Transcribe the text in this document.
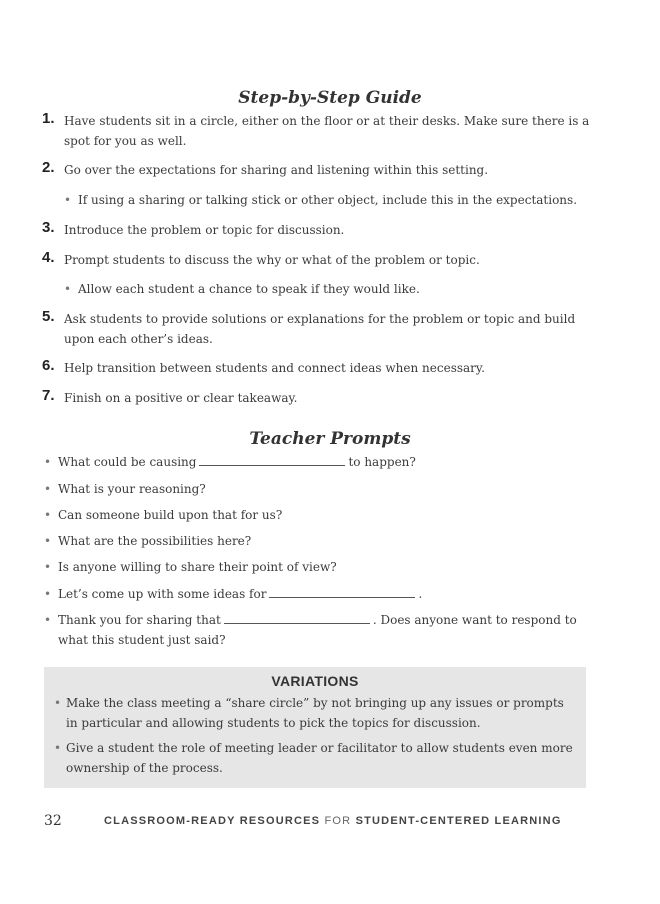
Step-by-Step Guide
1. Have students sit in a circle, either on the floor or at their desks. Make sure there is a spot for you as well.
2. Go over the expectations for sharing and listening within this setting.
• If using a sharing or talking stick or other object, include this in the expectations.
3. Introduce the problem or topic for discussion.
4. Prompt students to discuss the why or what of the problem or topic.
• Allow each student a chance to speak if they would like.
5. Ask students to provide solutions or explanations for the problem or topic and build upon each other’s ideas.
6. Help transition between students and connect ideas when necessary.
7. Finish on a positive or clear takeaway.
Teacher Prompts
• What could be causing	to happen?
• What is your reasoning?
• Can someone build upon that for us?
• What are the possibilities here?
• Is anyone willing to share their point of view?
• Let’s come up with some ideas for	.
• Thank you for sharing that	. Does anyone want to respond to what this student just said?
VARIATIONS
• Make the class meeting a “share circle” by not bringing up any issues or prompts in particular and allowing students to pick the topics for discussion.
• Give a student the role of meeting leader or facilitator to allow students even more ownership of the process.
32	CLASSROOM-READY RESOURCES FOR STUDENT-CENTERED LEARNING
